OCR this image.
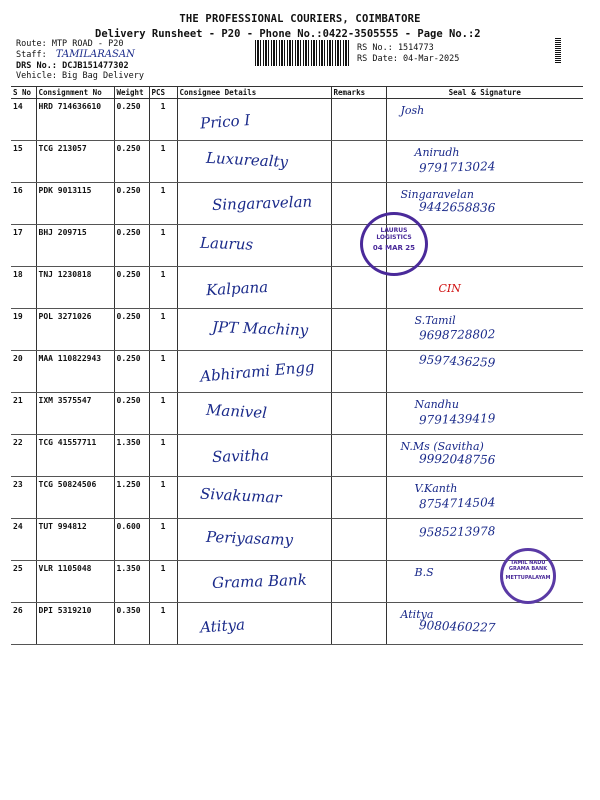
THE PROFESSIONAL COURIERS, COIMBATORE
Delivery Runsheet - P20 - Phone No.:0422-3505555 - Page No.:2
Route: MTP ROAD - P20
Staff: TAMILARASAN
DRS No.: DCJB151477302
Vehicle: Big Bag Delivery
RS No.: 1514773
RS Date: 04-Mar-2025
S No	Consignment No	Weight	PCS	Consignee Details	Remarks	Seal & Signature
14	HRD 714636610	0.250	1	Prico I		Josh

15	TCG 213057	0.250	1	Luxurealty		Anirudh
9791713024

16	PDK 9013115	0.250	1	Singaravelan		Singaravelan
9442658836

17	BHJ 209715	0.250	1	Laurus		

18	TNJ 1230818	0.250	1	Kalpana		CIN

19	POL 3271026	0.250	1	JPT Machiny		S.Tamil
9698728802

20	MAA 110822943	0.250	1	Abhirami Engg		9597436259

21	IXM 3575547	0.250	1	Manivel		Nandhu
9791439419

22	TCG 41557711	1.350	1	Savitha		N.Ms (Savitha)
9992048756

23	TCG 50824506	1.250	1	Sivakumar		V.Kanth
8754714504

24	TUT 994812	0.600	1	Periyasamy		9585213978

25	VLR 1105048	1.350	1	Grama Bank		B.S

26	DPI 5319210	0.350	1	Atitya		Atitya
9080460227
LAURUS LOGISTICS
04 MAR 25
TAMIL NADU GRAMA BANK
METTUPALAYAM
